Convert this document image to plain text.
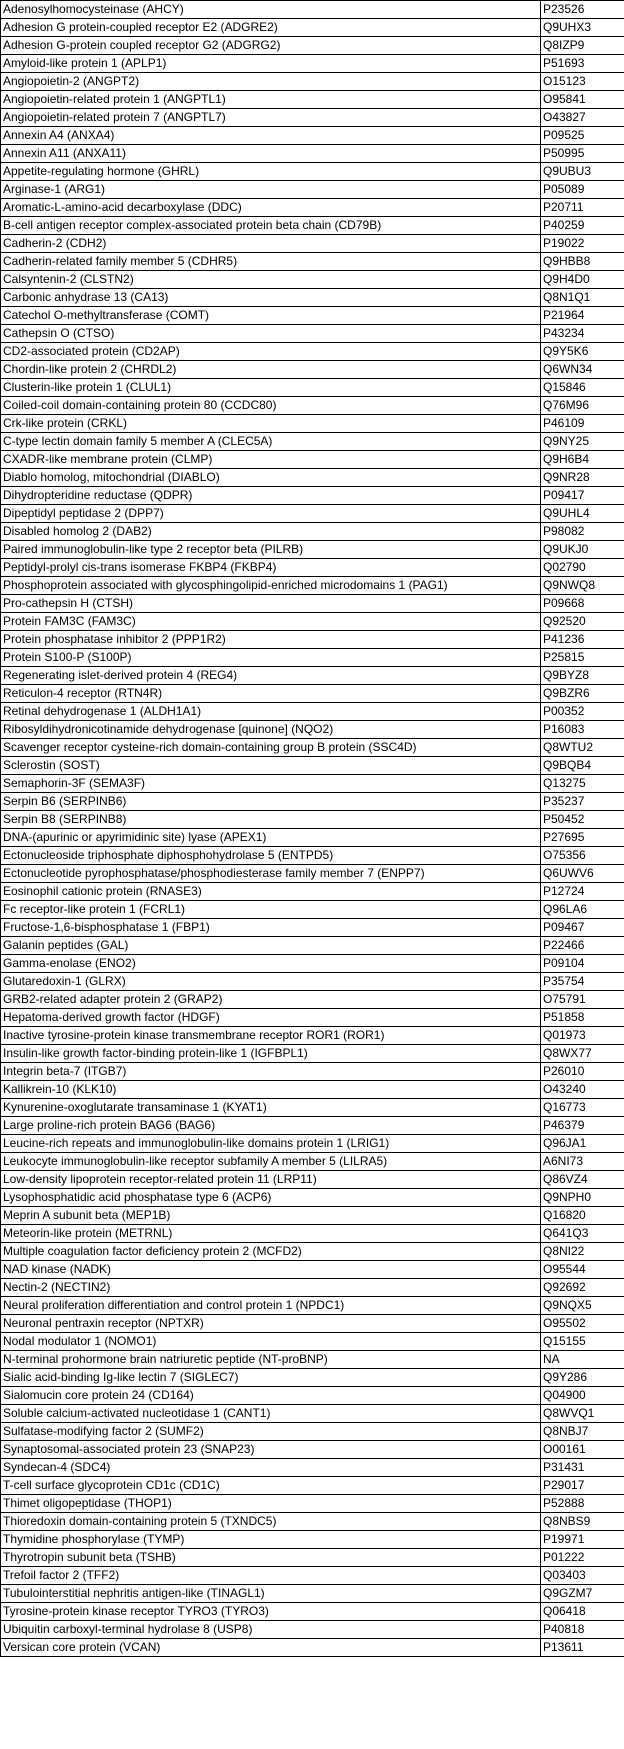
Adenosylhomocysteinase (AHCY)	P23526
Adhesion G protein-coupled receptor E2 (ADGRE2)	Q9UHX3
Adhesion G-protein coupled receptor G2 (ADGRG2)	Q8IZP9
Amyloid-like protein 1 (APLP1)	P51693
Angiopoietin-2 (ANGPT2)	O15123
Angiopoietin-related protein 1 (ANGPTL1)	O95841
Angiopoietin-related protein 7 (ANGPTL7)	O43827
Annexin A4 (ANXA4)	P09525
Annexin A11 (ANXA11)	P50995
Appetite-regulating hormone (GHRL)	Q9UBU3
Arginase-1 (ARG1)	P05089
Aromatic-L-amino-acid decarboxylase (DDC)	P20711
B-cell antigen receptor complex-associated protein beta chain (CD79B)	P40259
Cadherin-2 (CDH2)	P19022
Cadherin-related family member 5 (CDHR5)	Q9HBB8
Calsyntenin-2 (CLSTN2)	Q9H4D0
Carbonic anhydrase 13 (CA13)	Q8N1Q1
Catechol O-methyltransferase (COMT)	P21964
Cathepsin O (CTSO)	P43234
CD2-associated protein (CD2AP)	Q9Y5K6
Chordin-like protein 2 (CHRDL2)	Q6WN34
Clusterin-like protein 1 (CLUL1)	Q15846
Coiled-coil domain-containing protein 80 (CCDC80)	Q76M96
Crk-like protein (CRKL)	P46109
C-type lectin domain family 5 member A (CLEC5A)	Q9NY25
CXADR-like membrane protein (CLMP)	Q9H6B4
Diablo homolog, mitochondrial (DIABLO)	Q9NR28
Dihydropteridine reductase (QDPR)	P09417
Dipeptidyl peptidase 2 (DPP7)	Q9UHL4
Disabled homolog 2 (DAB2)	P98082
Paired immunoglobulin-like type 2 receptor beta (PILRB)	Q9UKJ0
Peptidyl-prolyl cis-trans isomerase FKBP4 (FKBP4)	Q02790
Phosphoprotein associated with glycosphingolipid-enriched microdomains 1 (PAG1)	Q9NWQ8
Pro-cathepsin H (CTSH)	P09668
Protein FAM3C (FAM3C)	Q92520
Protein phosphatase inhibitor 2 (PPP1R2)	P41236
Protein S100-P (S100P)	P25815
Regenerating islet-derived protein 4 (REG4)	Q9BYZ8
Reticulon-4 receptor (RTN4R)	Q9BZR6
Retinal dehydrogenase 1 (ALDH1A1)	P00352
Ribosyldihydronicotinamide dehydrogenase [quinone] (NQO2)	P16083
Scavenger receptor cysteine-rich domain-containing group B protein (SSC4D)	Q8WTU2
Sclerostin (SOST)	Q9BQB4
Semaphorin-3F (SEMA3F)	Q13275
Serpin B6 (SERPINB6)	P35237
Serpin B8 (SERPINB8)	P50452
DNA-(apurinic or apyrimidinic site) lyase (APEX1)	P27695
Ectonucleoside triphosphate diphosphohydrolase 5 (ENTPD5)	O75356
Ectonucleotide pyrophosphatase/phosphodiesterase family member 7 (ENPP7)	Q6UWV6
Eosinophil cationic protein (RNASE3)	P12724
Fc receptor-like protein 1 (FCRL1)	Q96LA6
Fructose-1,6-bisphosphatase 1 (FBP1)	P09467
Galanin peptides (GAL)	P22466
Gamma-enolase (ENO2)	P09104
Glutaredoxin-1 (GLRX)	P35754
GRB2-related adapter protein 2 (GRAP2)	O75791
Hepatoma-derived growth factor (HDGF)	P51858
Inactive tyrosine-protein kinase transmembrane receptor ROR1 (ROR1)	Q01973
Insulin-like growth factor-binding protein-like 1 (IGFBPL1)	Q8WX77
Integrin beta-7 (ITGB7)	P26010
Kallikrein-10 (KLK10)	O43240
Kynurenine-oxoglutarate transaminase 1 (KYAT1)	Q16773
Large proline-rich protein BAG6 (BAG6)	P46379
Leucine-rich repeats and immunoglobulin-like domains protein 1 (LRIG1)	Q96JA1
Leukocyte immunoglobulin-like receptor subfamily A member 5 (LILRA5)	A6NI73
Low-density lipoprotein receptor-related protein 11 (LRP11)	Q86VZ4
Lysophosphatidic acid phosphatase type 6 (ACP6)	Q9NPH0
Meprin A subunit beta (MEP1B)	Q16820
Meteorin-like protein (METRNL)	Q641Q3
Multiple coagulation factor deficiency protein 2 (MCFD2)	Q8NI22
NAD kinase (NADK)	O95544
Nectin-2 (NECTIN2)	Q92692
Neural proliferation differentiation and control protein 1 (NPDC1)	Q9NQX5
Neuronal pentraxin receptor (NPTXR)	O95502
Nodal modulator 1 (NOMO1)	Q15155
N-terminal prohormone brain natriuretic peptide (NT-proBNP)	NA
Sialic acid-binding Ig-like lectin 7 (SIGLEC7)	Q9Y286
Sialomucin core protein 24 (CD164)	Q04900
Soluble calcium-activated nucleotidase 1 (CANT1)	Q8WVQ1
Sulfatase-modifying factor 2 (SUMF2)	Q8NBJ7
Synaptosomal-associated protein 23 (SNAP23)	O00161
Syndecan-4 (SDC4)	P31431
T-cell surface glycoprotein CD1c (CD1C)	P29017
Thimet oligopeptidase (THOP1)	P52888
Thioredoxin domain-containing protein 5 (TXNDC5)	Q8NBS9
Thymidine phosphorylase (TYMP)	P19971
Thyrotropin subunit beta (TSHB)	P01222
Trefoil factor 2 (TFF2)	Q03403
Tubulointerstitial nephritis antigen-like (TINAGL1)	Q9GZM7
Tyrosine-protein kinase receptor TYRO3 (TYRO3)	Q06418
Ubiquitin carboxyl-terminal hydrolase 8 (USP8)	P40818
Versican core protein (VCAN)	P13611
